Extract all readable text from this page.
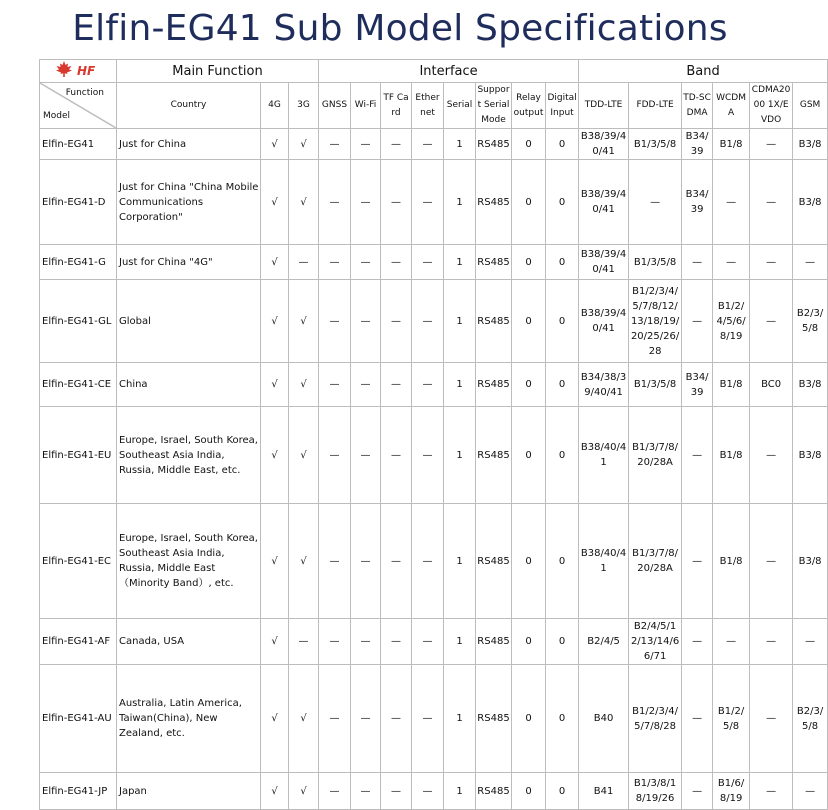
Elfin-EG41 Sub Model Specifications
HF	Main Function			Interface								Band					

Function
Model	Country	4G	3G	GNSS	Wi-Fi	TF Card	Ethernet	Serial	Support Serial Mode	Relay output	Digital Input	TDD-LTE	FDD-LTE	TD-SCDMA	WCDMA	CDMA2000 1X/EVDO	GSM
Elfin-EG41	Just for China	√	√	—	—	—	—	1	RS485	0	0	B38/39/40/41	B1/3/5/8	B34/39	B1/8	—	B3/8
Elfin-EG41-D	Just for China "China Mobile Communications Corporation"	√	√	—	—	—	—	1	RS485	0	0	B38/39/40/41	—	B34/39	—	—	B3/8
Elfin-EG41-G	Just for China "4G"	√	—	—	—	—	—	1	RS485	0	0	B38/39/40/41	B1/3/5/8	—	—	—	—
Elfin-EG41-GL	Global	√	√	—	—	—	—	1	RS485	0	0	B38/39/40/41	B1/2/3/4/5/7/8/12/13/18/19/20/25/26/28	—	B1/2/4/5/6/8/19	—	B2/3/5/8
Elfin-EG41-CE	China	√	√	—	—	—	—	1	RS485	0	0	B34/38/39/40/41	B1/3/5/8	B34/39	B1/8	BC0	B3/8
Elfin-EG41-EU	Europe, Israel, South Korea, Southeast Asia India, Russia, Middle East, etc.	√	√	—	—	—	—	1	RS485	0	0	B38/40/41	B1/3/7/8/20/28A	—	B1/8	—	B3/8
Elfin-EG41-EC	Europe, Israel, South Korea, Southeast Asia India, Russia, Middle East （Minority Band）, etc.	√	√	—	—	—	—	1	RS485	0	0	B38/40/41	B1/3/7/8/20/28A	—	B1/8	—	B3/8
Elfin-EG41-AF	Canada, USA	√	—	—	—	—	—	1	RS485	0	0	B2/4/5	B2/4/5/12/13/14/66/71	—	—	—	—
Elfin-EG41-AU	Australia, Latin America, Taiwan(China), New Zealand, etc.	√	√	—	—	—	—	1	RS485	0	0	B40	B1/2/3/4/5/7/8/28	—	B1/2/5/8	—	B2/3/5/8
Elfin-EG41-JP	Japan	√	√	—	—	—	—	1	RS485	0	0	B41	B1/3/8/18/19/26	—	B1/6/8/19	—	—
